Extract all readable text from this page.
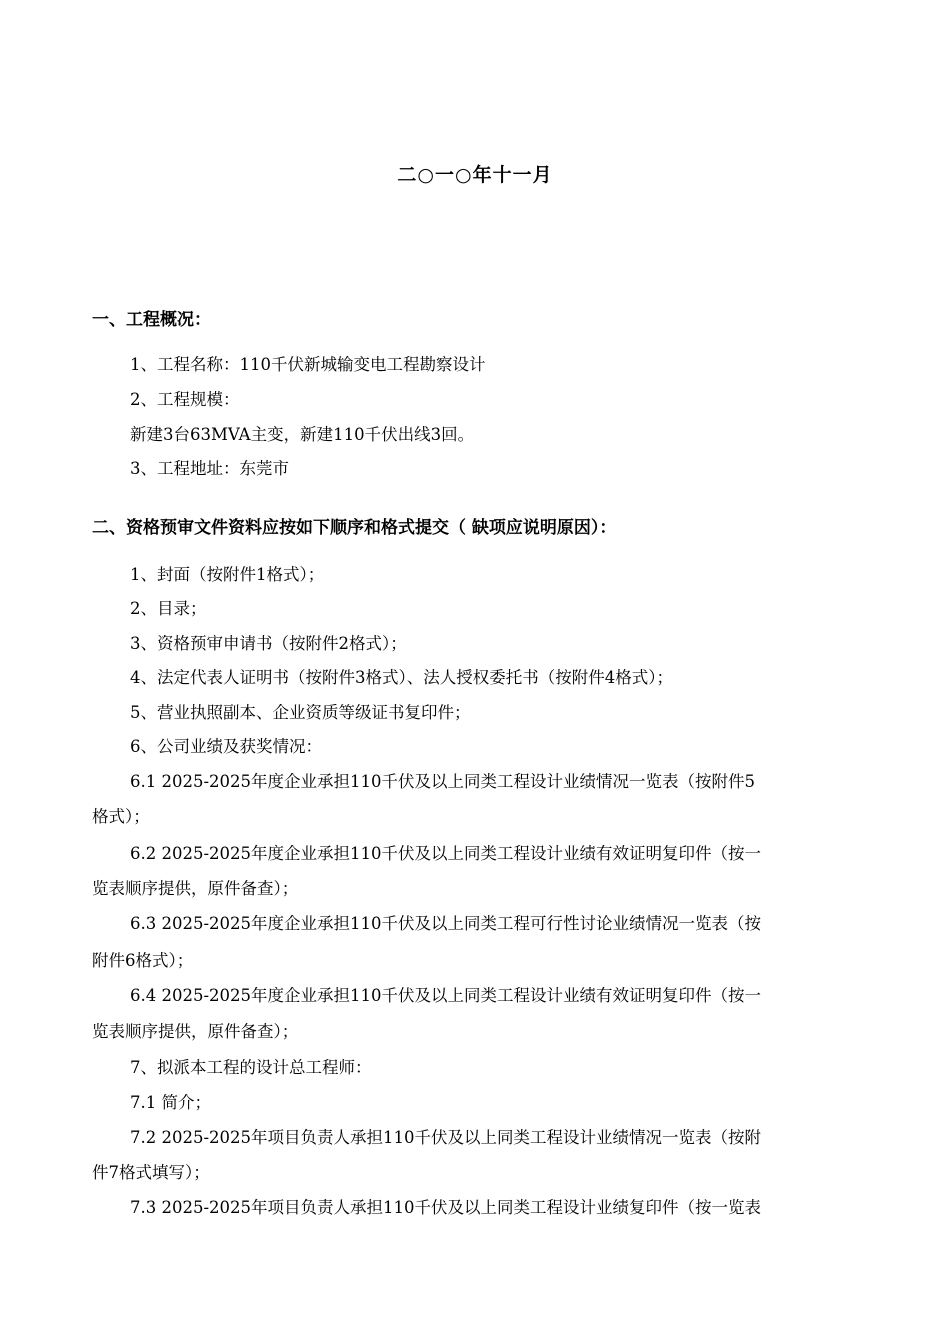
二○一○年十一月
一、工程概况：
1、工程名称：110千伏新城输变电工程勘察设计
2、工程规模：
新建3台63MVA主变，新建110千伏出线3回。
3、工程地址：东莞市
二、资格预审文件资料应按如下顺序和格式提交（ 缺项应说明原因）：
1、封面（按附件1格式）；
2、目录；
3、资格预审申请书（按附件2格式）；
4、法定代表人证明书（按附件3格式）、法人授权委托书（按附件4格式）；
5、营业执照副本、企业资质等级证书复印件；
6、公司业绩及获奖情况：
6.1 2025-2025年度企业承担110千伏及以上同类工程设计业绩情况一览表（按附件5
格式）；
6.2 2025-2025年度企业承担110千伏及以上同类工程设计业绩有效证明复印件（按一
览表顺序提供，原件备查）；
6.3 2025-2025年度企业承担110千伏及以上同类工程可行性讨论业绩情况一览表（按
附件6格式）；
6.4 2025-2025年度企业承担110千伏及以上同类工程设计业绩有效证明复印件（按一
览表顺序提供，原件备查）；
7、拟派本工程的设计总工程师：
7.1 简介；
7.2 2025-2025年项目负责人承担110千伏及以上同类工程设计业绩情况一览表（按附
件7格式填写）；
7.3 2025-2025年项目负责人承担110千伏及以上同类工程设计业绩复印件（按一览表
